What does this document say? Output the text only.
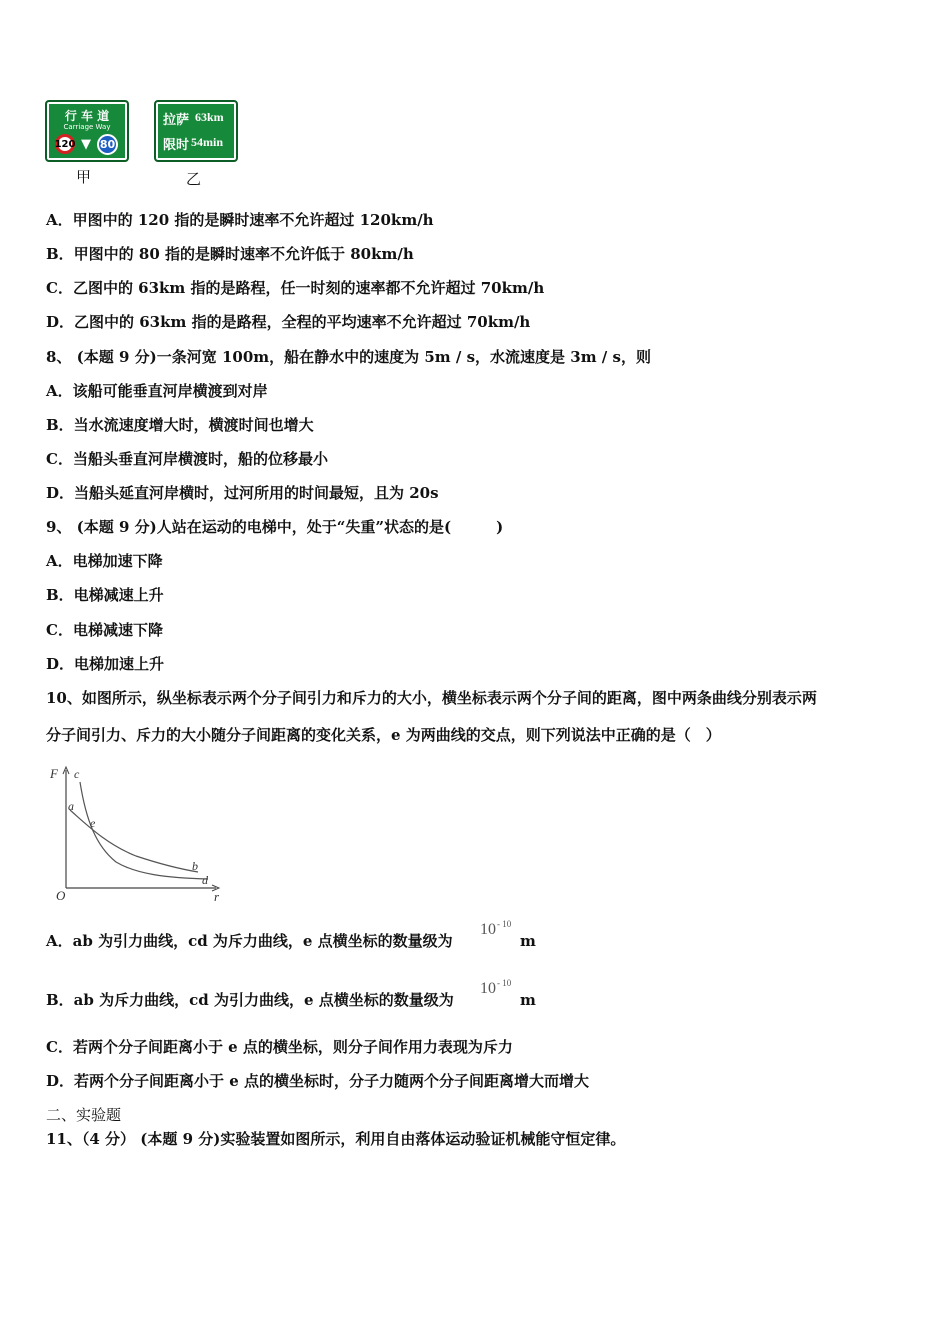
行 车 道
Carriage Way
120 ▼ 80
甲
拉萨 63km
限时 54min
乙
A．甲图中的 120 指的是瞬时速率不允许超过 120km/h
B．甲图中的 80 指的是瞬时速率不允许低于 80km/h
C．乙图中的 63km 指的是路程，任一时刻的速率都不允许超过 70km/h
D．乙图中的 63km 指的是路程，全程的平均速率不允许超过 70km/h
8、 (本题 9 分)一条河宽 100m，船在静水中的速度为 5m / s，水流速度是 3m / s，则
A．该船可能垂直河岸横渡到对岸
B．当水流速度增大时，横渡时间也增大
C．当船头垂直河岸横渡时，船的位移最小
D．当船头延直河岸横时，过河所用的时间最短，且为 20s
9、 (本题 9 分)人站在运动的电梯中，处于“失重”状态的是(　　　)
A．电梯加速下降
B．电梯减速上升
C．电梯减速下降
D．电梯加速上升
10、如图所示，纵坐标表示两个分子间引力和斥力的大小，横坐标表示两个分子间的距离，图中两条曲线分别表示两
分子间引力、斥力的大小随分子间距离的变化关系，e 为两曲线的交点，则下列说法中正确的是（　）
F
r
O
a
b
c
d
e
A．ab 为引力曲线，cd 为斥力曲线，e 点横坐标的数量级为
10 - 10
m
B．ab 为斥力曲线，cd 为引力曲线，e 点横坐标的数量级为
10 - 10
m
C．若两个分子间距离小于 e 点的横坐标，则分子间作用力表现为斥力
D．若两个分子间距离小于 e 点的横坐标时，分子力随两个分子间距离增大而增大
二、实验题
11、（4 分） (本题 9 分)实验装置如图所示，利用自由落体运动验证机械能守恒定律。
